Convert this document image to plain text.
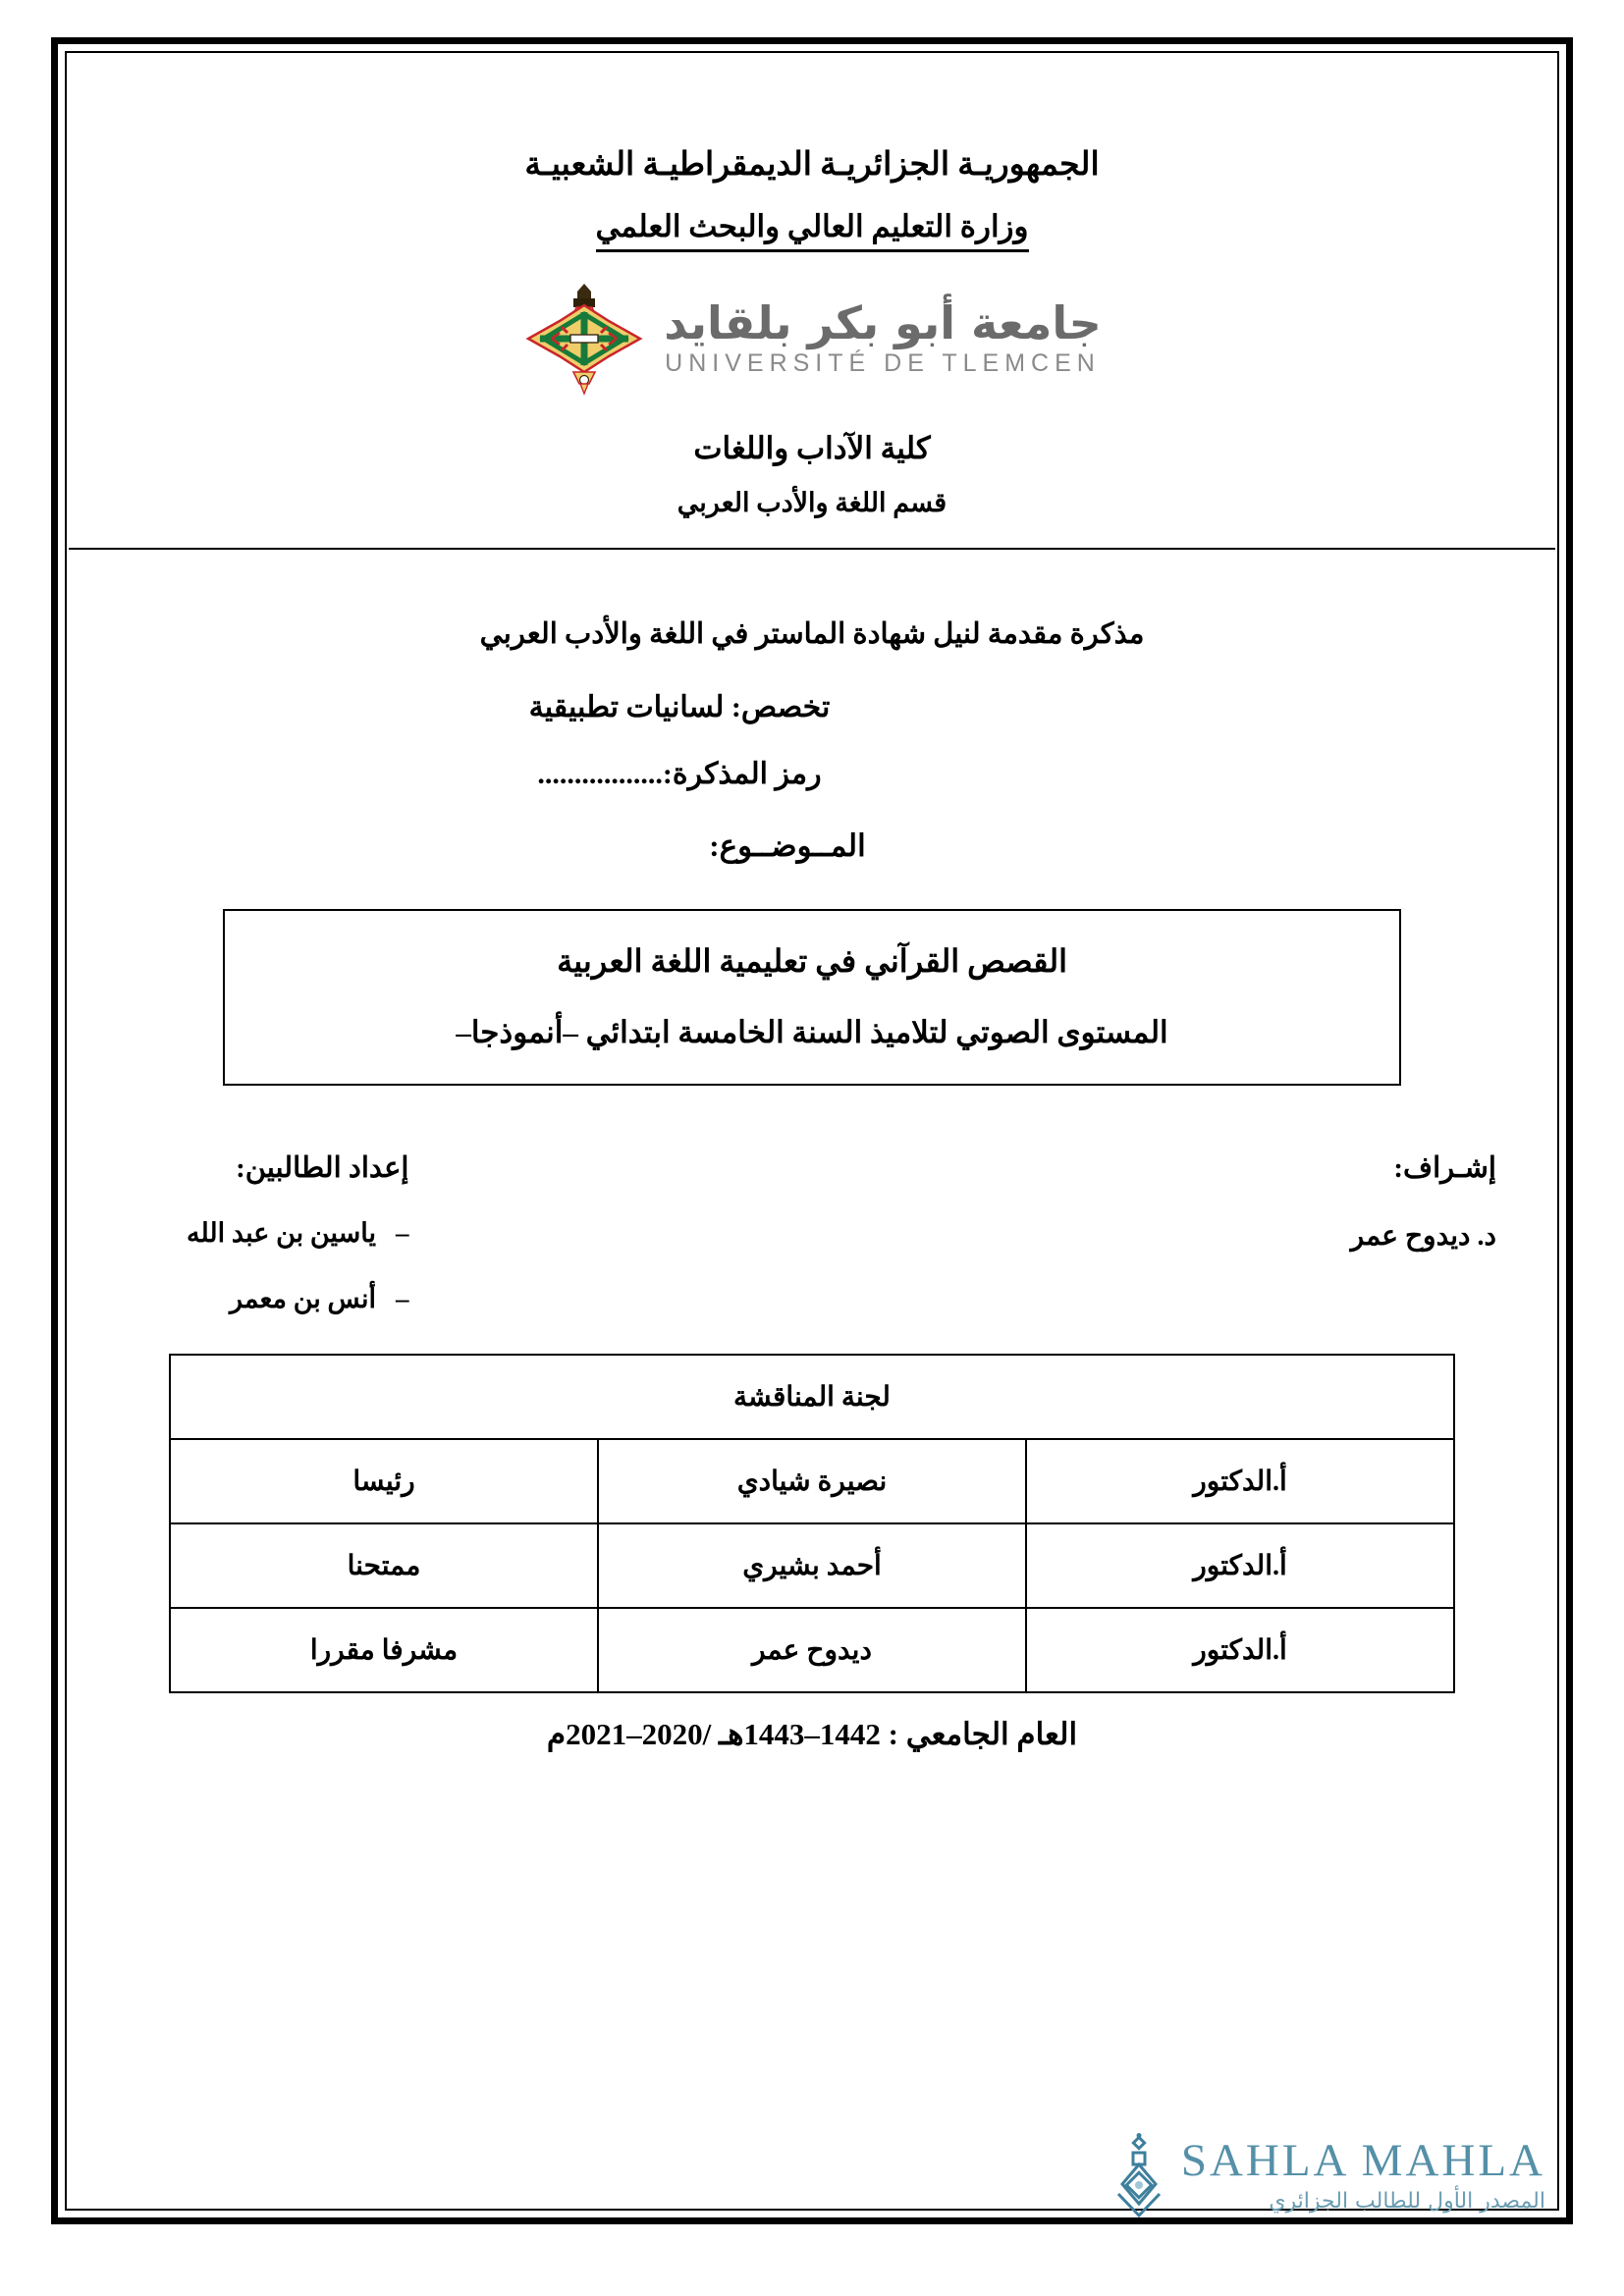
الجمهوريـة الجزائريـة الديمقراطيـة الشعبيـة
وزارة التعليم العالي والبحث العلمي
جامعة أبو بكر بلقايد
UNIVERSITÉ DE TLEMCEN
كلية الآداب واللغات
قسم اللغة والأدب العربي
مذكرة مقدمة لنيل شهادة الماستر في اللغة والأدب العربي
تخصص: لسانيات تطبيقية
رمز المذكرة:.................
المــوضــوع:
القصص القرآني في تعليمية اللغة العربية
المستوى الصوتي لتلاميذ السنة الخامسة ابتدائي –أنموذجا–
إشـراف:
د. ديدوح عمر
إعداد الطالبين:
–ياسين بن عبد الله
–أنس بن معمر
لجنة المناقشة		
أ.الدكتور	نصيرة شيادي	رئيسا
أ.الدكتور	أحمد بشيري	ممتحنا
أ.الدكتور	ديدوح عمر	مشرفا مقررا
العام الجامعي : 1442–1443هـ /2020–2021م
SAHLA MAHLA
المصدر الأول للطالب الجزائري
